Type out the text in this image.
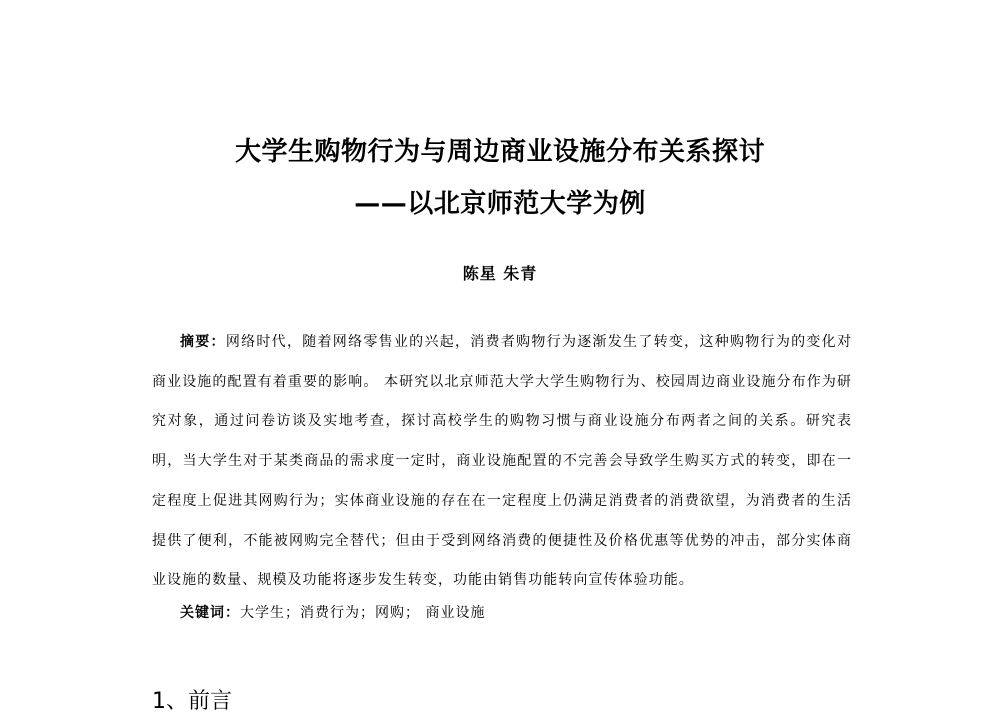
大学生购物行为与周边商业设施分布关系探讨
——以北京师范大学为例
陈星 朱青
摘要：网络时代，随着网络零售业的兴起，消费者购物行为逐渐发生了转变，这种购物行为的变化对商业设施的配置有着重要的影响。 本研究以北京师范大学大学生购物行为、校园周边商业设施分布作为研究对象，通过问卷访谈及实地考查，探讨高校学生的购物习惯与商业设施分布两者之间的关系。研究表明，当大学生对于某类商品的需求度一定时，商业设施配置的不完善会导致学生购买方式的转变，即在一定程度上促进其网购行为；实体商业设施的存在在一定程度上仍满足消费者的消费欲望，为消费者的生活提供了便利，不能被网购完全替代；但由于受到网络消费的便捷性及价格优惠等优势的冲击，部分实体商业设施的数量、规模及功能将逐步发生转变，功能由销售功能转向宣传体验功能。
关键词：大学生；消费行为；网购； 商业设施
1、前言
